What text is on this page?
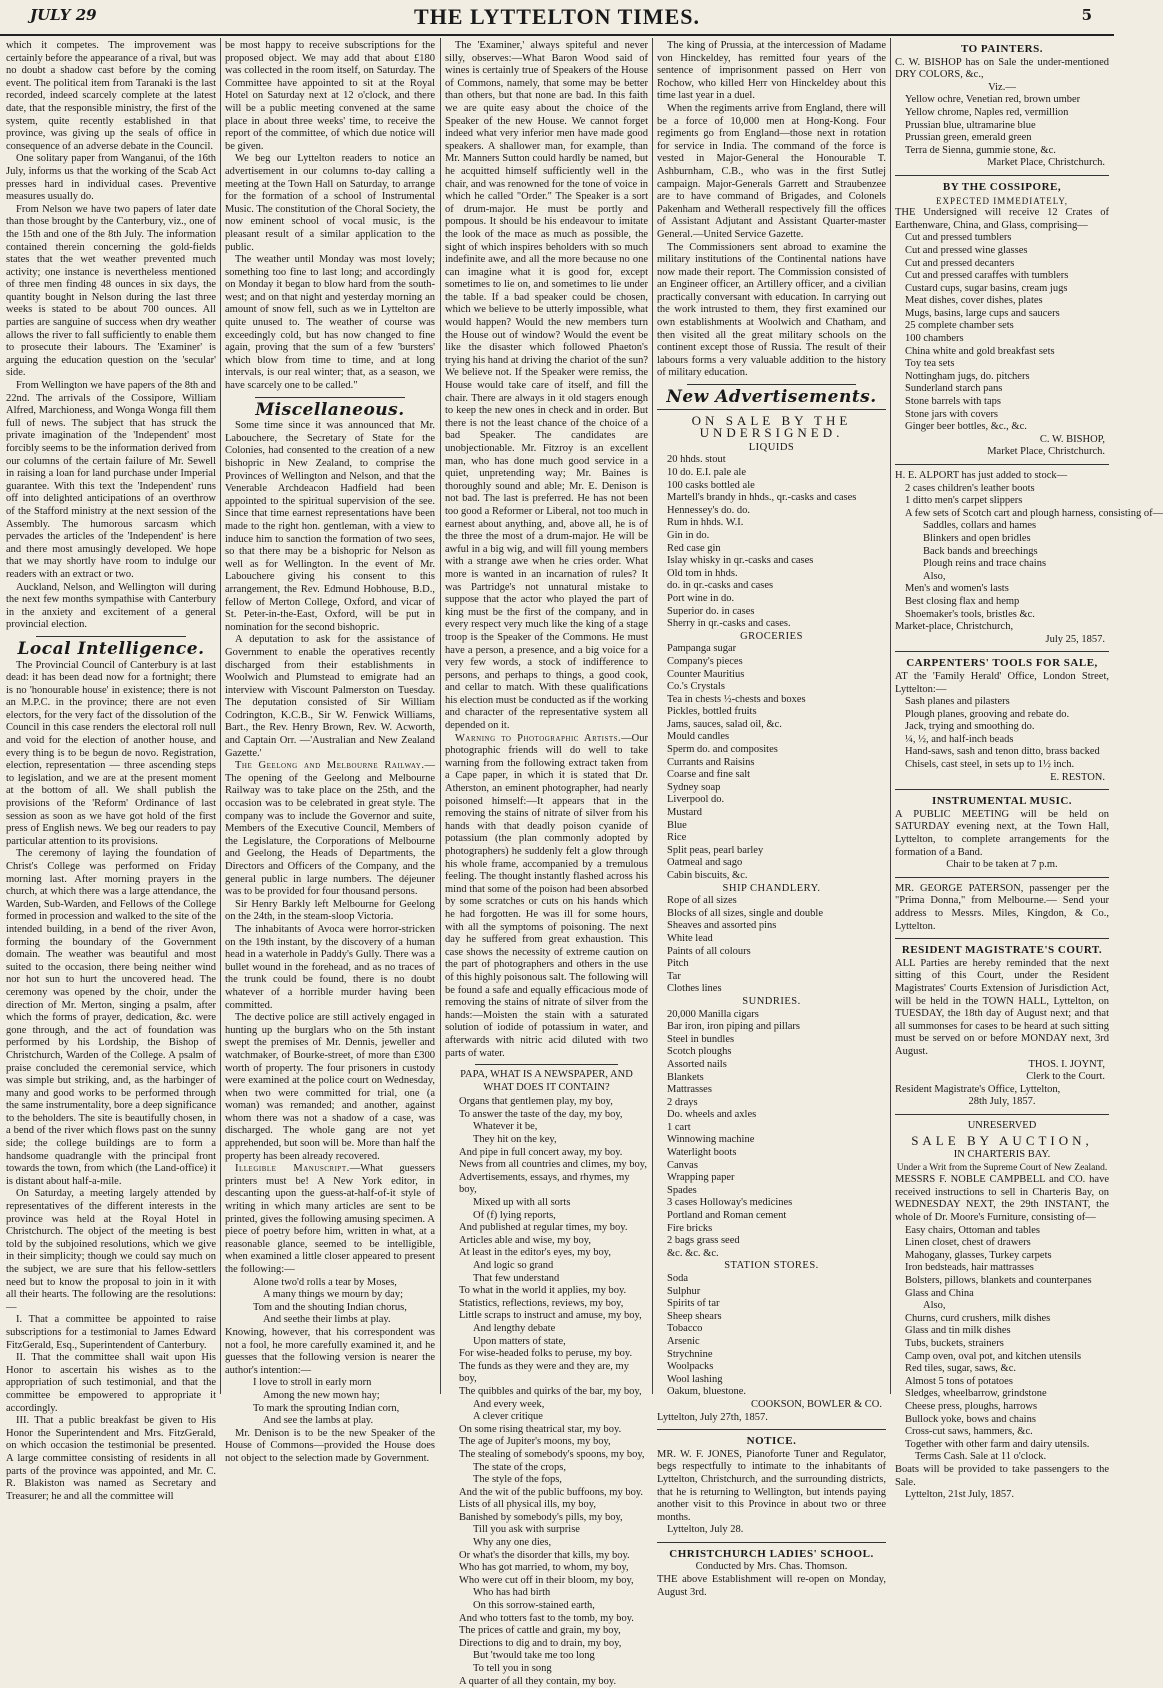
JULY 29	THE LYTTELTON TIMES.	5

which it competes. The improvement was certainly before the appearance of a rival, but was no doubt a shadow cast before by the coming event. The political item from Taranaki is the last recorded, indeed scarcely complete at the latest date, that the responsible ministry, the first of the system, quite recently established in that province, was giving up the seals of office in consequence of an adverse debate in the Council.

One solitary paper from Wanganui, of the 16th July, informs us that the working of the Scab Act presses hard in individual cases. Preventive measures usually do.

From Nelson we have two papers of later date than those brought by the Canterbury, viz., one of the 15th and one of the 8th July. The information contained therein concerning the gold-fields states that the wet weather prevented much activity; one instance is nevertheless mentioned of three men finding 48 ounces in six days, the quantity bought in Nelson during the last three weeks is stated to be about 700 ounces. All parties are sanguine of success when dry weather allows the river to fall sufficiently to enable them to prosecute their labours. The 'Examiner' is arguing the education question on the 'secular' side.

From Wellington we have papers of the 8th and 22nd. The arrivals of the Cossipore, William Alfred, Marchioness, and Wonga Wonga fill them full of news. The subject that has struck the private imagination of the 'Independent' most forcibly seems to be the information derived from our columns of the certain failure of Mr. Sewell in raising a loan for land purchase under Imperial guarantee. With this text the 'Independent' runs off into delighted anticipations of an overthrow of the Stafford ministry at the next session of the Assembly. The humorous sarcasm which pervades the articles of the 'Independent' is here and there most amusingly developed. We hope that we may shortly have room to indulge our readers with an extract or two.

Auckland, Nelson, and Wellington will during the next few months sympathise with Canterbury in the anxiety and excitement of a general provincial election.

Local Intelligence.

The Provincial Council of Canterbury is at last dead: it has been dead now for a fortnight; there is no 'honourable house' in existence; there is not an M.P.C. in the province; there are not even electors, for the very fact of the dissolution of the Council in this case renders the electoral roll null and void for the election of another house, and every thing is to be begun de novo. Registration, election, representation — three ascending steps to legislation, and we are at the present moment at the bottom of all. We shall publish the provisions of the 'Reform' Ordinance of last session as soon as we have got hold of the first press of English news. We beg our readers to pay particular attention to its provisions.

The ceremony of laying the foundation of Christ's College was performed on Friday morning last. After morning prayers in the church, at which there was a large attendance, the Warden, Sub-Warden, and Fellows of the College formed in procession and walked to the site of the intended building, in a bend of the river Avon, forming the boundary of the Government domain. The weather was beautiful and most suited to the occasion, there being neither wind nor hot sun to hurt the uncovered head. The ceremony was opened by the choir, under the direction of Mr. Merton, singing a psalm, after which the forms of prayer, dedication, &c. were gone through, and the act of foundation was performed by his Lordship, the Bishop of Christchurch, Warden of the College. A psalm of praise concluded the ceremonial service, which was simple but striking, and, as the harbinger of many and good works to be performed through the same instrumentality, bore a deep significance to the beholders. The site is beautifully chosen, in a bend of the river which flows past on the sunny side; the college buildings are to form a handsome quadrangle with the principal front towards the town, from which (the Land-office) it is distant about half-a-mile.

On Saturday, a meeting largely attended by representatives of the different interests in the province was held at the Royal Hotel in Christchurch. The object of the meeting is best told by the subjoined resolutions, which we give in their simplicity; though we could say much on the subject, we are sure that his fellow-settlers need but to know the proposal to join in it with all their hearts. The following are the resolutions:—

I. That a committee be appointed to raise subscriptions for a testimonial to James Edward FitzGerald, Esq., Superintendent of Canterbury.

II. That the committee shall wait upon His Honor to ascertain his wishes as to the appropriation of such testimonial, and that the committee be empowered to appropriate it accordingly.

III. That a public breakfast be given to His Honor the Superintendent and Mrs. FitzGerald, on which occasion the testimonial be presented. A large committee consisting of residents in all parts of the province was appointed, and Mr. C. R. Blakiston was named as Secretary and Treasurer; he and all the committee will

be most happy to receive subscriptions for the proposed object. We may add that about £180 was collected in the room itself, on Saturday. The Committee have appointed to sit at the Royal Hotel on Saturday next at 12 o'clock, and there will be a public meeting convened at the same place in about three weeks' time, to receive the report of the committee, of which due notice will be given.

We beg our Lyttelton readers to notice an advertisement in our columns to-day calling a meeting at the Town Hall on Saturday, to arrange for the formation of a school of Instrumental Music. The constitution of the Choral Society, the now eminent school of vocal music, is the pleasant result of a similar application to the public.

The weather until Monday was most lovely; something too fine to last long; and accordingly on Monday it began to blow hard from the south-west; and on that night and yesterday morning an amount of snow fell, such as we in Lyttelton are quite unused to. The weather of course was exceedingly cold, but has now changed to fine again, proving that the sum of a few 'bursters' which blow from time to time, and at long intervals, is our real winter; that, as a season, we have scarcely one to be called."

Miscellaneous.

Some time since it was announced that Mr. Labouchere, the Secretary of State for the Colonies, had consented to the creation of a new bishopric in New Zealand, to comprise the Provinces of Wellington and Nelson, and that the Venerable Archdeacon Hadfield had been appointed to the spiritual supervision of the see. Since that time earnest representations have been made to the right hon. gentleman, with a view to induce him to sanction the formation of two sees, so that there may be a bishopric for Nelson as well as for Wellington. In the event of Mr. Labouchere giving his consent to this arrangement, the Rev. Edmund Hobhouse, B.D., fellow of Merton College, Oxford, and vicar of St. Peter-in-the-East, Oxford, will be put in nomination for the second bishopric.

A deputation to ask for the assistance of Government to enable the operatives recently discharged from their establishments in Woolwich and Plumstead to emigrate had an interview with Viscount Palmerston on Tuesday. The deputation consisted of Sir William Codrington, K.C.B., Sir W. Fenwick Williams, Bart., the Rev. Henry Brown, Rev. W. Acworth, and Captain Orr. —'Australian and New Zealand Gazette.'

The Geelong and Melbourne Railway.—The opening of the Geelong and Melbourne Railway was to take place on the 25th, and the occasion was to be celebrated in great style. The company was to include the Governor and suite, Members of the Executive Council, Members of the Legislature, the Corporations of Melbourne and Geelong, the Heads of Departments, the Directors and Officers of the Company, and the general public in large numbers. The déjeuner was to be provided for four thousand persons.

Sir Henry Barkly left Melbourne for Geelong on the 24th, in the steam-sloop Victoria.

The inhabitants of Avoca were horror-stricken on the 19th instant, by the discovery of a human head in a waterhole in Paddy's Gully. There was a bullet wound in the forehead, and as no traces of the trunk could be found, there is no doubt whatever of a horrible murder having been committed.

The dective police are still actively engaged in hunting up the burglars who on the 5th instant swept the premises of Mr. Dennis, jeweller and watchmaker, of Bourke-street, of more than £300 worth of property. The four prisoners in custody were examined at the police court on Wednesday, when two were committed for trial, one (a woman) was remanded; and another, against whom there was not a shadow of a case, was discharged. The whole gang are not yet apprehended, but soon will be. More than half the property has been already recovered.

Illegible Manuscript.—What guessers printers must be! A New York editor, in descanting upon the guess-at-half-of-it style of writing in which many articles are sent to be printed, gives the following amusing specimen. A piece of poetry before him, written in what, at a reasonable glance, seemed to be intelligible, when examined a little closer appeared to present the following:—

Alone two'd rolls a tear by Moses,
A many things we mourn by day;
Tom and the shouting Indian chorus,
And seethe their limbs at play.

Knowing, however, that his correspondent was not a fool, he more carefully examined it, and he guesses that the following version is nearer the author's intention:—

I love to stroll in early morn
Among the new mown hay;
To mark the sprouting Indian corn,
And see the lambs at play.

Mr. Denison is to be the new Speaker of the House of Commons—provided the House does not object to the selection made by Government.

The 'Examiner,' always spiteful and never silly, observes:—What Baron Wood said of wines is certainly true of Speakers of the House of Commons, namely, that some may be better than others, but that none are bad. In this faith we are quite easy about the choice of the Speaker of the new House. We cannot forget indeed what very inferior men have made good speakers. A shallower man, for example, than Mr. Manners Sutton could hardly be named, but he acquitted himself sufficiently well in the chair, and was renowned for the tone of voice in which he called "Order." The Speaker is a sort of drum-major. He must be portly and pompous. It should be his endeavour to imitate the look of the mace as much as possible, the sight of which inspires beholders with so much indefinite awe, and all the more because no one can imagine what it is good for, except sometimes to lie on, and sometimes to lie under the table. If a bad speaker could be chosen, which we believe to be utterly impossible, what would happen? Would the new members turn the House out of window? Would the event be like the disaster which followed Phaeton's trying his hand at driving the chariot of the sun? We believe not. If the Speaker were remiss, the House would take care of itself, and fill the chair. There are always in it old stagers enough to keep the new ones in check and in order. But there is not the least chance of the choice of a bad Speaker. The candidates are unobjectionable. Mr. Fitzroy is an excellent man, who has done much good service in a quiet, unpretending way; Mr. Baines is thoroughly sound and able; Mr. E. Denison is not bad. The last is preferred. He has not been too good a Reformer or Liberal, not too much in earnest about anything, and, above all, he is of the three the most of a drum-major. He will be awful in a big wig, and will fill young members with a strange awe when he cries order. What more is wanted in an incarnation of rules? It was Partridge's not unnatural mistake to suppose that the actor who played the part of king must be the first of the company, and in every respect very much like the king of a stage troop is the Speaker of the Commons. He must have a person, a presence, and a big voice for a very few words, a stock of indifference to persons, and perhaps to things, a good cook, and cellar to match. With these qualifications his election must be conducted as if the working and character of the representative system all depended on it.

Warning to Photographic Artists.—Our photographic friends will do well to take warning from the following extract taken from a Cape paper, in which it is stated that Dr. Atherston, an eminent photographer, had nearly poisoned himself:—It appears that in the removing the stains of nitrate of silver from his hands with that deadly poison cyanide of potassium (the plan commonly adopted by photographers) he suddenly felt a glow through his whole frame, accompanied by a tremulous feeling. The thought instantly flashed across his mind that some of the poison had been absorbed by some scratches or cuts on his hands which he had forgotten. He was ill for some hours, with all the symptoms of poisoning. The next day he suffered from great exhaustion. This case shows the necessity of extreme caution on the part of photographers and others in the use of this highly poisonous salt. The following will be found a safe and equally efficacious mode of removing the stains of nitrate of silver from the hands:—Moisten the stain with a saturated solution of iodide of potassium in water, and afterwards with nitric acid diluted with two parts of water.

PAPA, WHAT IS A NEWSPAPER, AND WHAT DOES IT CONTAIN?
Organs that gentlemen play, my boy,
To answer the taste of the day, my boy,
Whatever it be,
They hit on the key,
And pipe in full concert away, my boy.
News from all countries and climes, my boy,
Advertisements, essays, and rhymes, my boy,
Mixed up with all sorts
Of (f) lying reports,
And published at regular times, my boy.
Articles able and wise, my boy,
At least in the editor's eyes, my boy,
And logic so grand
That few understand
To what in the world it applies, my boy.
Statistics, reflections, reviews, my boy,
Little scraps to instruct and amuse, my boy,
And lengthy debate
Upon matters of state,
For wise-headed folks to peruse, my boy.
The funds as they were and they are, my boy,
The quibbles and quirks of the bar, my boy,
And every week,
A clever critique
On some rising theatrical star, my boy.
The age of Jupiter's moons, my boy,
The stealing of somebody's spoons, my boy,
The state of the crops,
The style of the fops,
And the wit of the public buffoons, my boy.
Lists of all physical ills, my boy,
Banished by somebody's pills, my boy,
Till you ask with surprise
Why any one dies,
Or what's the disorder that kills, my boy.
Who has got married, to whom, my boy,
Who were cut off in their bloom, my boy,
Who has had birth
On this sorrow-stained earth,
And who totters fast to the tomb, my boy.
The prices of cattle and grain, my boy,
Directions to dig and to drain, my boy,
But 'twould take me too long
To tell you in song
A quarter of all they contain, my boy.

The king of Prussia, at the intercession of Madame von Hinckeldey, has remitted four years of the sentence of imprisonment passed on Herr von Rochow, who killed Herr von Hinckeldey about this time last year in a duel.

When the regiments arrive from England, there will be a force of 10,000 men at Hong-Kong. Four regiments go from England—those next in rotation for service in India. The command of the force is vested in Major-General the Honourable T. Ashburnham, C.B., who was in the first Sutlej campaign. Major-Generals Garrett and Straubenzee are to have command of Brigades, and Colonels Pakenham and Wetherall respectively fill the offices of Assistant Adjutant and Assistant Quarter-master General.—United Service Gazette.

The Commissioners sent abroad to examine the military institutions of the Continental nations have now made their report. The Commission consisted of an Engineer officer, an Artillery officer, and a civilian practically conversant with education. In carrying out the work intrusted to them, they first examined our own establishments at Woolwich and Chatham, and then visited all the great military schools on the continent except those of Russia. The result of their labours forms a very valuable addition to the history of military education.

New Advertisements.
ON SALE BY THE UNDERSIGNED.
LIQUIDS
20 hhds. stout
10 do. E.I. pale ale
100 casks bottled ale
Martell's brandy in hhds., qr.-casks and cases
Hennessey's do. do.
Rum in hhds. W.I.
Gin in do.
Red case gin
Islay whisky in qr.-casks and cases
Old tom in hhds.
do. in qr.-casks and cases
Port wine in do.
Superior do. in cases
Sherry in qr.-casks and cases.
GROCERIES
Pampanga sugar
Company's pieces
Counter Mauritius
Co.'s Crystals
Tea in chests ½-chests and boxes
Pickles, bottled fruits
Jams, sauces, salad oil, &c.
Mould candles
Sperm do. and composites
Currants and Raisins
Coarse and fine salt
Sydney soap
Liverpool do.
Mustard
Blue
Rice
Split peas, pearl barley
Oatmeal and sago
Cabin biscuits, &c.
SHIP CHANDLERY.
Rope of all sizes
Blocks of all sizes, single and double
Sheaves and assorted pins
White lead
Paints of all colours
Pitch
Tar
Clothes lines
SUNDRIES.
20,000 Manilla cigars
Bar iron, iron piping and pillars
Steel in bundles
Scotch ploughs
Assorted nails
Blankets
Mattrasses
2 drays
Do. wheels and axles
1 cart
Winnowing machine
Waterlight boots
Canvas
Wrapping paper
Spades
3 cases Holloway's medicines
Portland and Roman cement
Fire bricks
2 bags grass seed
&c. &c. &c.
STATION STORES.
Soda
Sulphur
Spirits of tar
Sheep shears
Tobacco
Arsenic
Strychnine
Woolpacks
Wool lashing
Oakum, bluestone.
COOKSON, BOWLER & CO.
Lyttelton, July 27th, 1857.
NOTICE.

MR. W. F. JONES, Pianoforte Tuner and Regulator, begs respectfully to intimate to the inhabitants of Lyttelton, Christchurch, and the surrounding districts, that he is returning to Wellington, but intends paying another visit to this Province in about two or three months.

Lyttelton, July 28.
CHRISTCHURCH LADIES' SCHOOL.
Conducted by Mrs. Chas. Thomson.

THE above Establishment will re-open on Monday, August 3rd.

TO PAINTERS.

C. W. BISHOP has on Sale the under-mentioned DRY COLORS, &c.,

Viz.—
Yellow ochre, Venetian red, brown umber
Yellow chrome, Naples red, vermillion
Prussian blue, ultramarine blue
Prussian green, emerald green
Terra de Sienna, gummie stone, &c.
Market Place, Christchurch.
BY THE COSSIPORE,
EXPECTED IMMEDIATELY,

THE Undersigned will receive 12 Crates of Earthenware, China, and Glass, comprising—

Cut and pressed tumblers
Cut and pressed wine glasses
Cut and pressed decanters
Cut and pressed caraffes with tumblers
Custard cups, sugar basins, cream jugs
Meat dishes, cover dishes, plates
Mugs, basins, large cups and saucers
25 complete chamber sets
100 chambers
China white and gold breakfast sets
Toy tea sets
Nottingham jugs, do. pitchers
Sunderland starch pans
Stone barrels with taps
Stone jars with covers
Ginger beer bottles, &c., &c.
C. W. BISHOP,
Market Place, Christchurch.

H. E. ALPORT has just added to stock—

2 cases children's leather boots
1 ditto men's carpet slippers
A few sets of Scotch cart and plough harness, consisting of—
Saddles, collars and hames
Blinkers and open bridles
Back bands and breechings
Plough reins and trace chains
Also,
Men's and women's lasts
Best closing flax and hemp
Shoemaker's tools, bristles &c.
Market-place, Christchurch,
July 25, 1857.
CARPENTERS' TOOLS FOR SALE,

AT the 'Family Herald' Office, London Street, Lyttelton:—

Sash planes and pilasters
Plough planes, grooving and rebate do.
Jack, trying and smoothing do.
¼, ½, and half-inch beads
Hand-saws, sash and tenon ditto, brass backed
Chisels, cast steel, in sets up to 1½ inch.
E. RESTON.
INSTRUMENTAL MUSIC.

A PUBLIC MEETING will be held on SATURDAY evening next, at the Town Hall, Lyttelton, to complete arrangements for the formation of a Band.

Chair to be taken at 7 p.m.

MR. GEORGE PATERSON, passenger per the "Prima Donna," from Melbourne.— Send your address to Messrs. Miles, Kingdon, & Co., Lyttelton.

RESIDENT MAGISTRATE'S COURT.

ALL Parties are hereby reminded that the next sitting of this Court, under the Resident Magistrates' Courts Extension of Jurisdiction Act, will be held in the TOWN HALL, Lyttelton, on TUESDAY, the 18th day of August next; and that all summonses for cases to be heard at such sitting must be served on or before MONDAY next, 3rd August.

THOS. I. JOYNT,
Clerk to the Court.
Resident Magistrate's Office, Lyttelton,
28th July, 1857.
UNRESERVED
SALE BY AUCTION,
IN CHARTERIS BAY.
Under a Writ from the Supreme Court of New Zealand.

MESSRS F. NOBLE CAMPBELL and CO. have received instructions to sell in Charteris Bay, on WEDNESDAY NEXT, the 29th INSTANT, the whole of Dr. Moore's Furniture, consisting of—

Easy chairs, Ottoman and tables
Linen closet, chest of drawers
Mahogany, glasses, Turkey carpets
Iron bedsteads, hair mattrasses
Bolsters, pillows, blankets and counterpanes
Glass and China
Also,
Churns, curd crushers, milk dishes
Glass and tin milk dishes
Tubs, buckets, strainers
Camp oven, oval pot, and kitchen utensils
Red tiles, sugar, saws, &c.
Almost 5 tons of potatoes
Sledges, wheelbarrow, grindstone
Cheese press, ploughs, harrows
Bullock yoke, bows and chains
Cross-cut saws, hammers, &c.
Together with other farm and dairy utensils.
Terms Cash. Sale at 11 o'clock.

Boats will be provided to take passengers to the Sale.

Lyttelton, 21st July, 1857.
